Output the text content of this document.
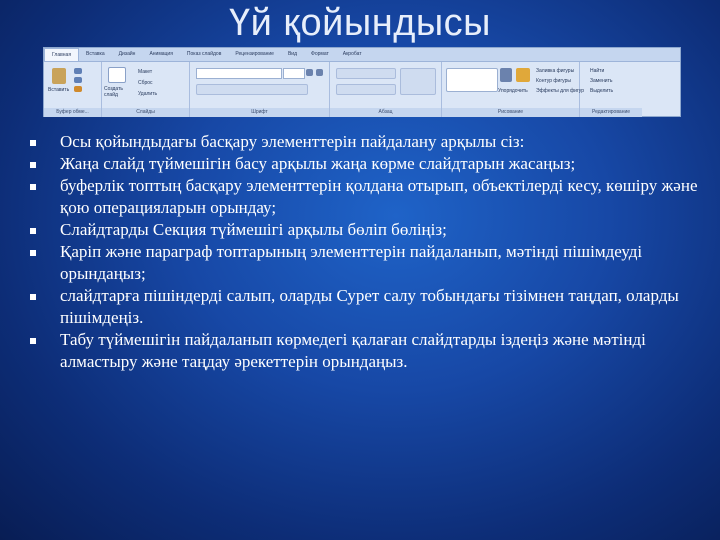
Үй қойындысы
Главная	Вставка	Дизайн	Анимация	Показ слайдов	Рецензирование	Вид	Формат	Акробат
Вставить
Буфер обме...
Создать слайд
Макет
Сброс
Удалить
Слайды	Шрифт	Абзац
Упорядочить
Заливка фигуры
Контур фигуры
Эффекты для фигур
Рисование
Найти
Заменить
Выделить
Редактирование
Осы қойындыдағы басқару элементтерін пайдалану арқылы сіз:
Жаңа слайд түймешігін басу арқылы жаңа көрме слайдтарын жасаңыз;
буферлік топтың басқару элементтерін қолдана отырып, объектілерді кесу, көшіру және қою операцияларын орындау;
Слайдтарды Секция түймешігі арқылы бөліп бөліңіз;
Қаріп және параграф топтарының элементтерін пайдаланып, мәтінді пішімдеуді орындаңыз;
слайдтарға пішіндерді салып, оларды Сурет салу тобындағы тізімнен таңдап, оларды пішімдеңіз.
Табу түймешігін пайдаланып көрмедегі қалаған слайдтарды іздеңіз және мәтінді алмастыру және таңдау әрекеттерін орындаңыз.
